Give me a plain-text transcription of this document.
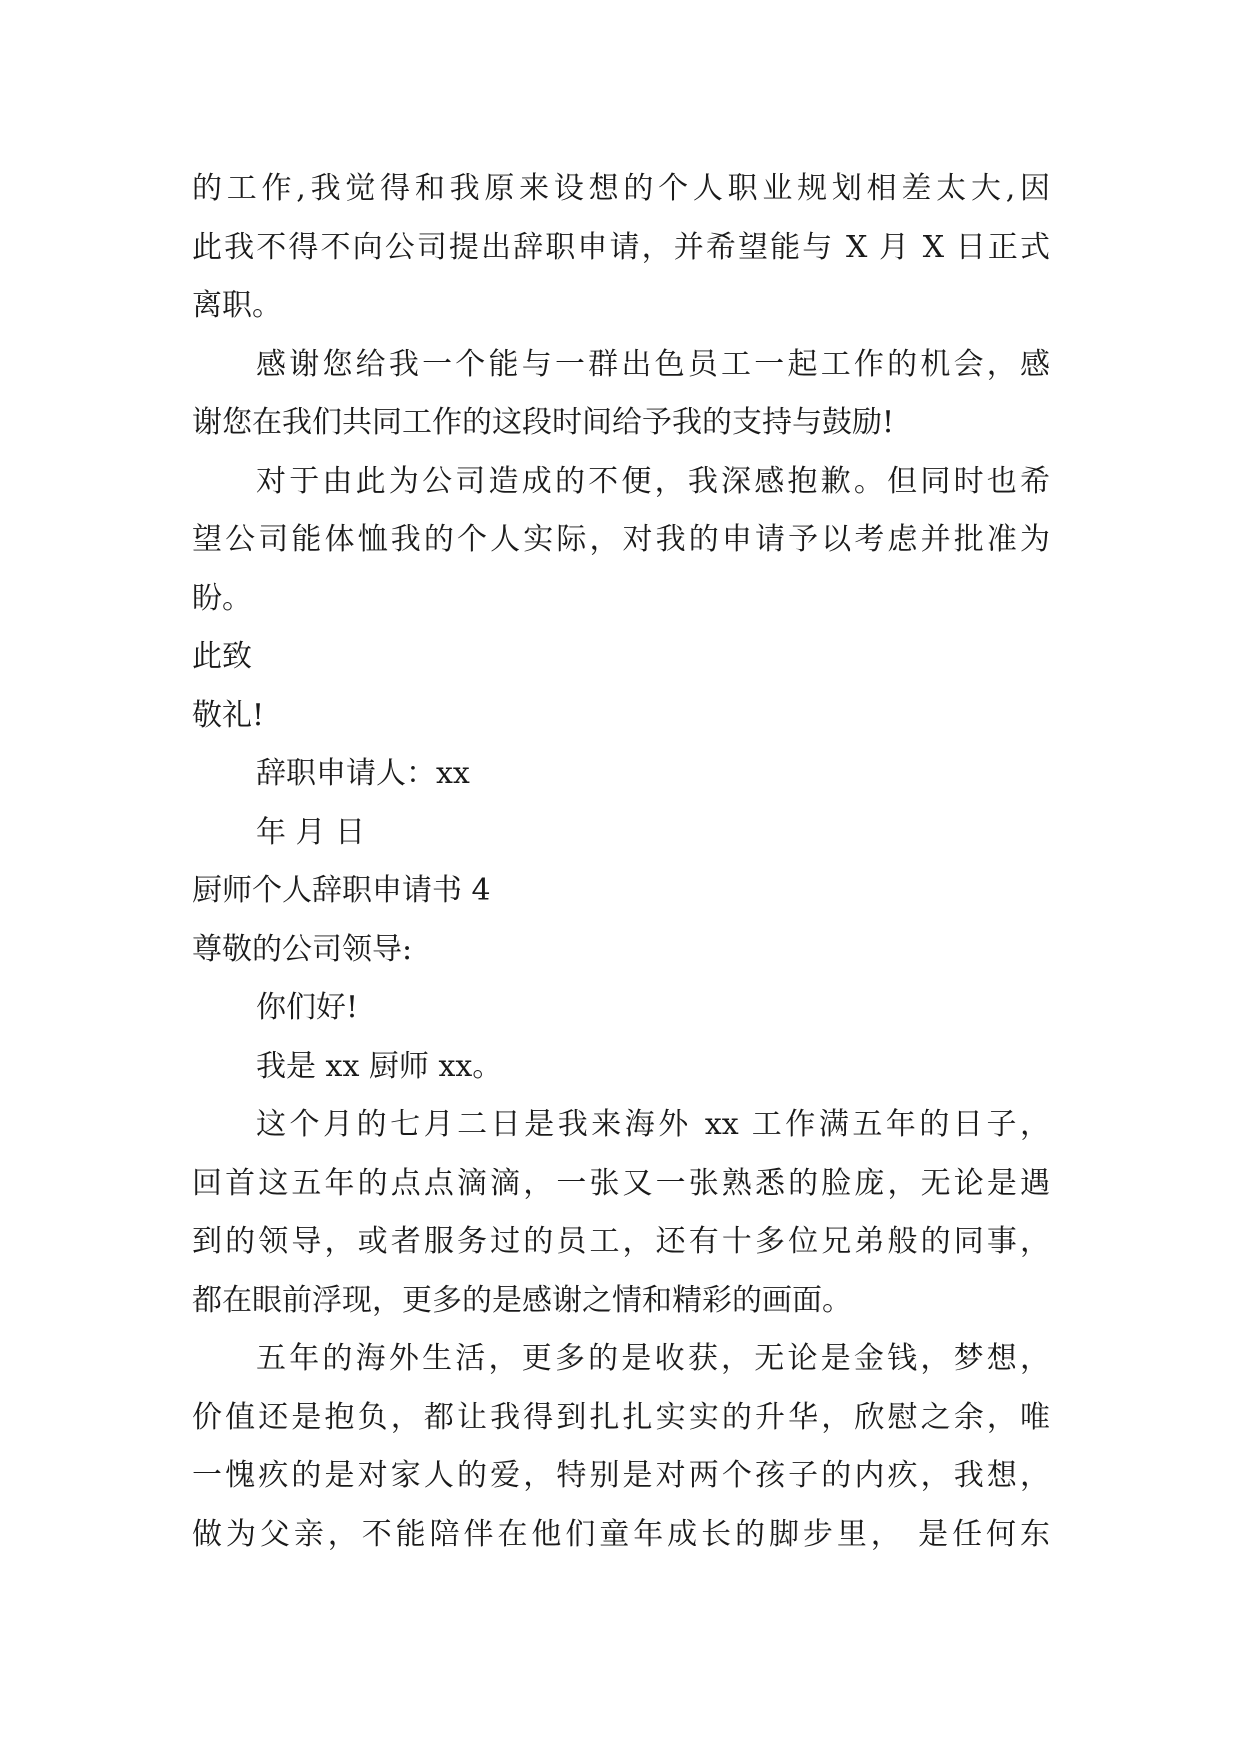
的工作,我觉得和我原来设想的个人职业规划相差太大,因
此我不得不向公司提出辞职申请，并希望能与 X 月 X 日正式
离职。
感谢您给我一个能与一群出色员工一起工作的机会，感
谢您在我们共同工作的这段时间给予我的支持与鼓励!
对于由此为公司造成的不便，我深感抱歉。但同时也希
望公司能体恤我的个人实际，对我的申请予以考虑并批准为
盼。
此致
敬礼!
辞职申请人：xx
年 月 日
厨师个人辞职申请书 4
尊敬的公司领导:
你们好!
我是 xx 厨师 xx。
这个月的七月二日是我来海外 xx 工作满五年的日子，
回首这五年的点点滴滴，一张又一张熟悉的脸庞，无论是遇
到的领导，或者服务过的员工，还有十多位兄弟般的同事，
都在眼前浮现，更多的是感谢之情和精彩的画面。
五年的海外生活，更多的是收获，无论是金钱，梦想，
价值还是抱负，都让我得到扎扎实实的升华，欣慰之余，唯
一愧疚的是对家人的爱，特别是对两个孩子的内疚，我想，
做为父亲，不能陪伴在他们童年成长的脚步里， 是任何东
